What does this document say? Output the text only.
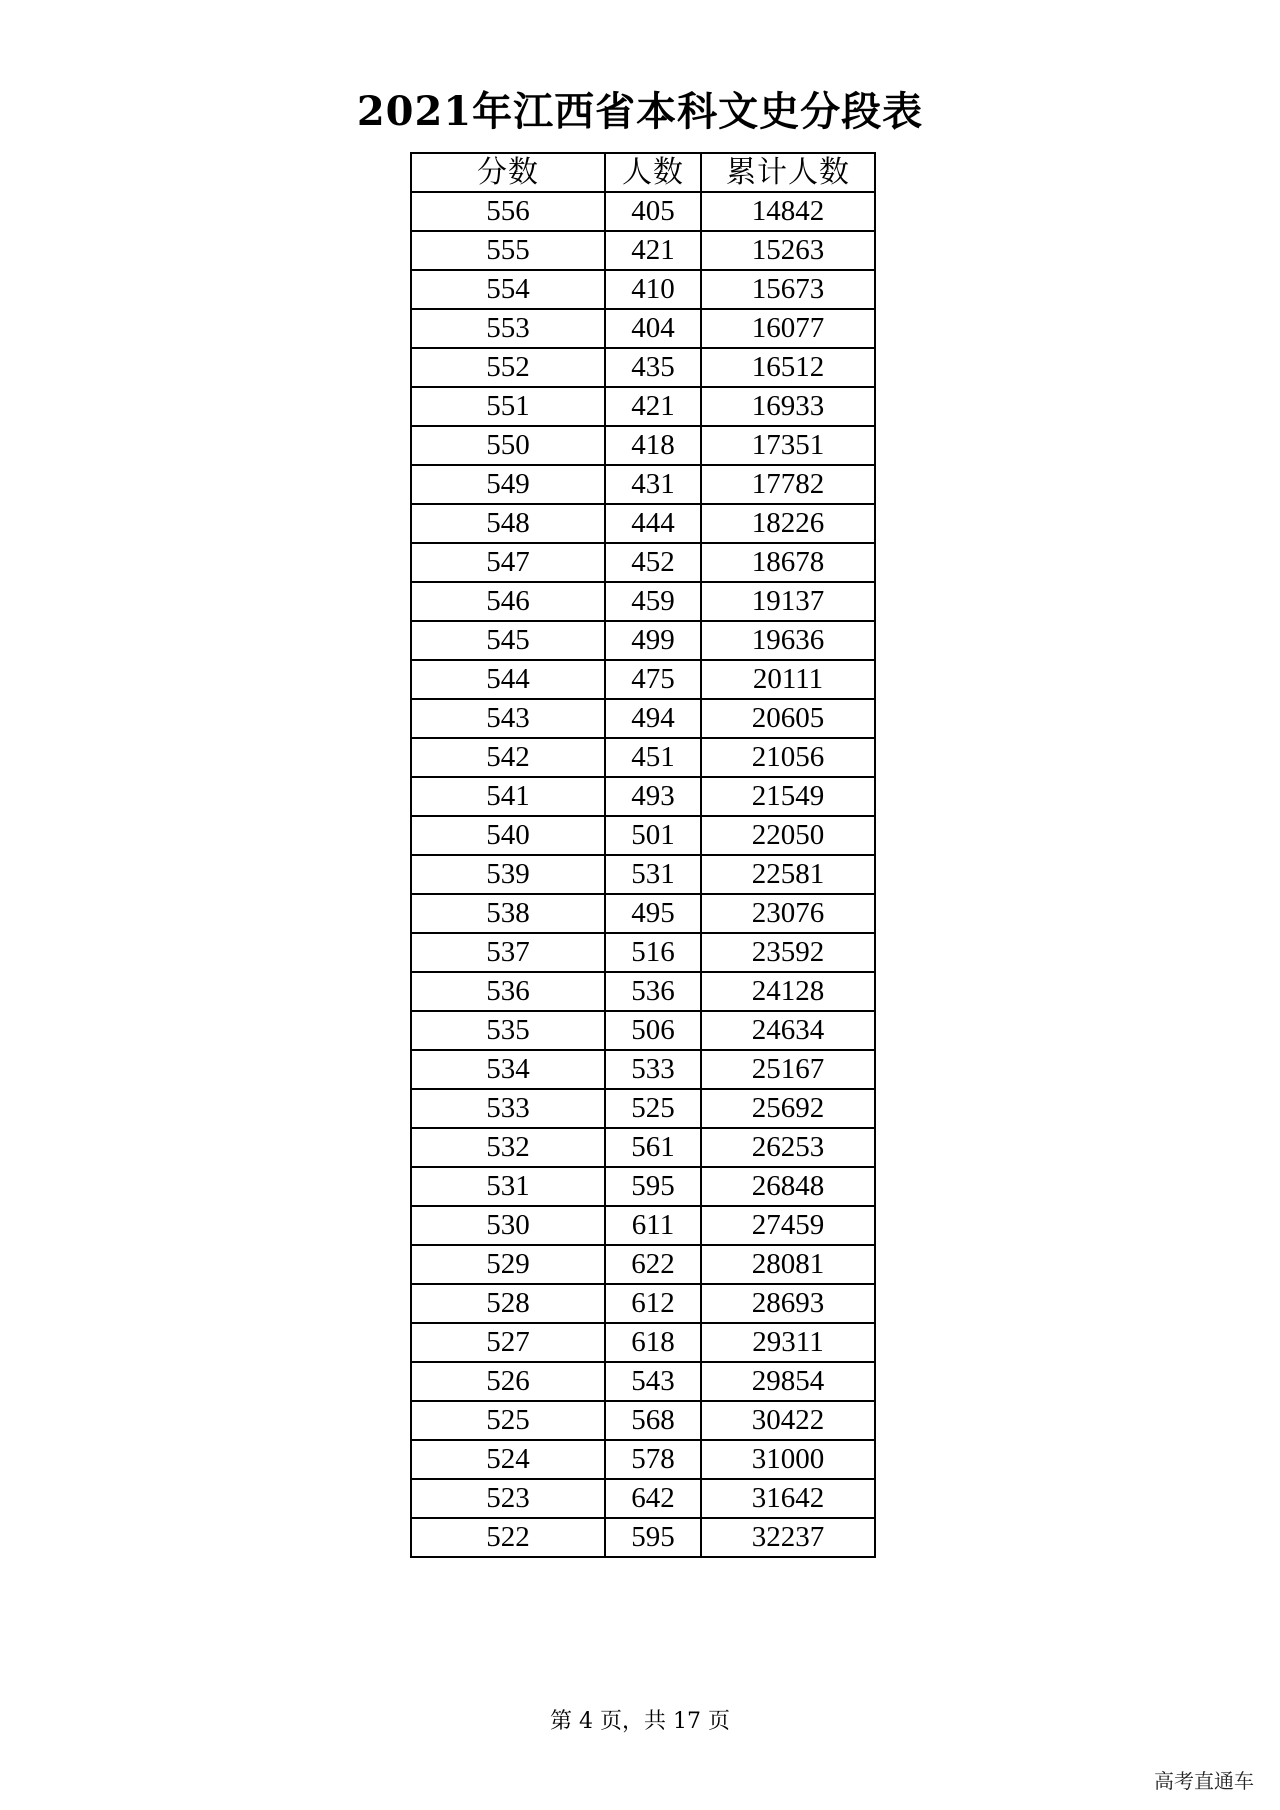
2021年江西省本科文史分段表
分数	人数	累计人数
556	405	14842
555	421	15263
554	410	15673
553	404	16077
552	435	16512
551	421	16933
550	418	17351
549	431	17782
548	444	18226
547	452	18678
546	459	19137
545	499	19636
544	475	20111
543	494	20605
542	451	21056
541	493	21549
540	501	22050
539	531	22581
538	495	23076
537	516	23592
536	536	24128
535	506	24634
534	533	25167
533	525	25692
532	561	26253
531	595	26848
530	611	27459
529	622	28081
528	612	28693
527	618	29311
526	543	29854
525	568	30422
524	578	31000
523	642	31642
522	595	32237

第 4 页，共 17 页

高考直通车
